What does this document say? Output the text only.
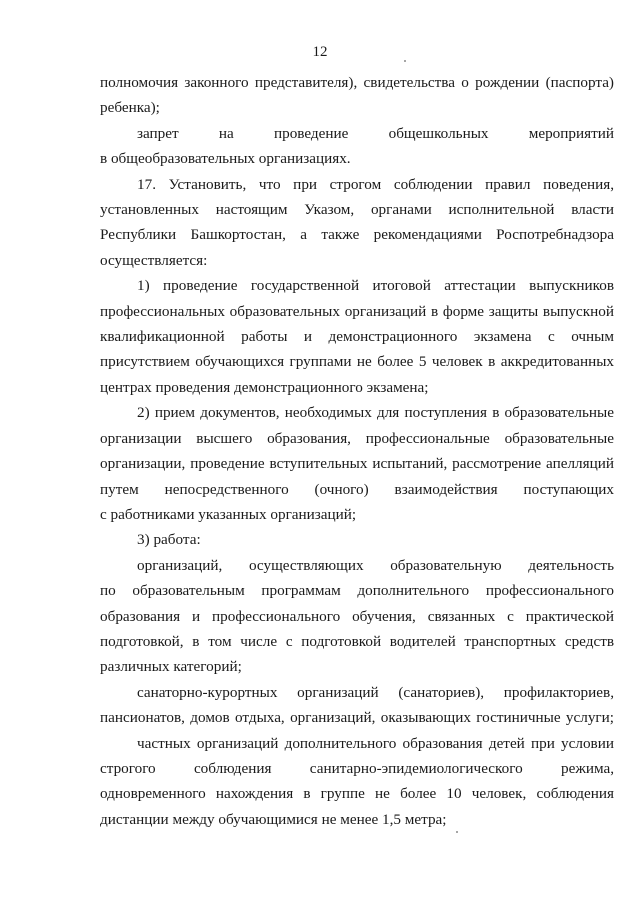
12
полномочия законного представителя), свидетельства о рождении (паспорта)
ребенка);
запрет на проведение общешкольных мероприятий
в общеобразовательных организациях.
17. Установить, что при строгом соблюдении правил поведения,
установленных настоящим Указом, органами исполнительной власти
Республики Башкортостан, а также рекомендациями Роспотребнадзора
осуществляется:
1) проведение государственной итоговой аттестации выпускников
профессиональных образовательных организаций в форме защиты выпускной
квалификационной работы и демонстрационного экзамена с очным
присутствием обучающихся группами не более 5 человек в аккредитованных
центрах проведения демонстрационного экзамена;
2) прием документов, необходимых для поступления в образовательные
организации высшего образования, профессиональные образовательные
организации, проведение вступительных испытаний, рассмотрение апелляций
путем непосредственного (очного) взаимодействия поступающих
с работниками указанных организаций;
3) работа:
организаций, осуществляющих образовательную деятельность
по образовательным программам дополнительного профессионального
образования и профессионального обучения, связанных с практической
подготовкой, в том числе с подготовкой водителей транспортных средств
различных категорий;
санаторно-курортных организаций (санаториев), профилакториев,
пансионатов, домов отдыха, организаций, оказывающих гостиничные услуги;
частных организаций дополнительного образования детей при условии
строгого соблюдения санитарно-эпидемиологического режима,
одновременного нахождения в группе не более 10 человек, соблюдения
дистанции между обучающимися не менее 1,5 метра;
